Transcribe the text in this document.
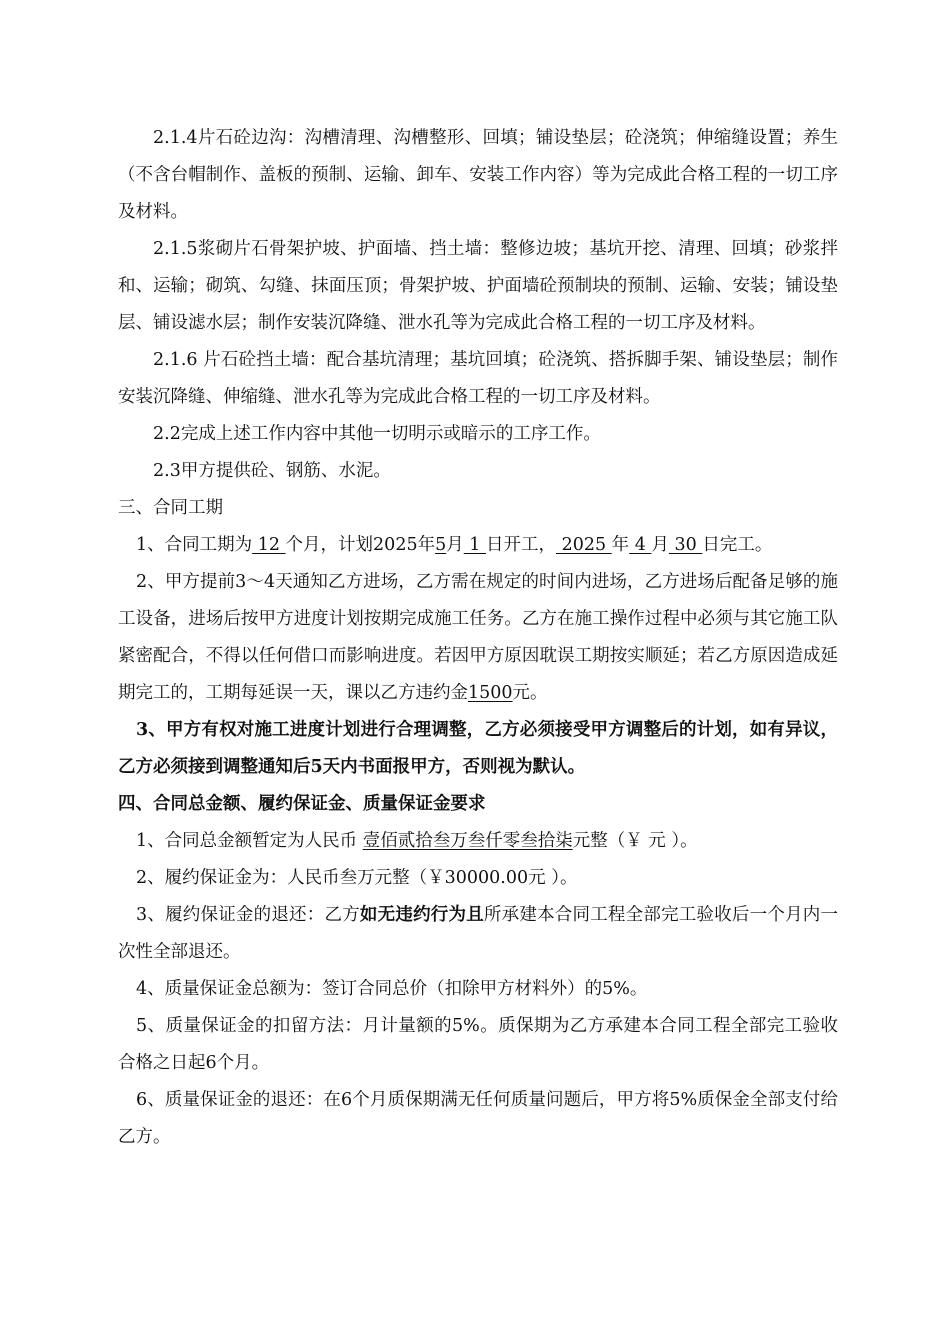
2.1.4片石砼边沟：沟槽清理、沟槽整形、回填；铺设垫层；砼浇筑；伸缩缝设置；养生（不含台帽制作、盖板的预制、运输、卸车、安装工作内容）等为完成此合格工程的一切工序及材料。

2.1.5浆砌片石骨架护坡、护面墙、挡土墙：整修边坡；基坑开挖、清理、回填；砂浆拌和、运输；砌筑、勾缝、抹面压顶；骨架护坡、护面墙砼预制块的预制、运输、安装；铺设垫层、铺设滤水层；制作安装沉降缝、泄水孔等为完成此合格工程的一切工序及材料。

2.1.6 片石砼挡土墙：配合基坑清理；基坑回填；砼浇筑、搭拆脚手架、铺设垫层；制作安装沉降缝、伸缩缝、泄水孔等为完成此合格工程的一切工序及材料。

2.2完成上述工作内容中其他一切明示或暗示的工序工作。

2.3甲方提供砼、钢筋、水泥。

三、合同工期

1、合同工期为 12 个月，计划2025年5月 1 日开工， 2025 年 4 月 30 日完工。

2、甲方提前3～4天通知乙方进场，乙方需在规定的时间内进场，乙方进场后配备足够的施工设备，进场后按甲方进度计划按期完成施工任务。乙方在施工操作过程中必须与其它施工队紧密配合，不得以任何借口而影响进度。若因甲方原因耽误工期按实顺延；若乙方原因造成延期完工的，工期每延误一天，课以乙方违约金1500元。

3、甲方有权对施工进度计划进行合理调整，乙方必须接受甲方调整后的计划，如有异议，乙方必须接到调整通知后5天内书面报甲方，否则视为默认。

四、合同总金额、履约保证金、质量保证金要求

1、合同总金额暂定为人民币 壹佰贰拾叁万叁仟零叁拾柒元整（￥ 元 ）。

2、履约保证金为：人民币叁万元整（￥30000.00元 ）。

3、履约保证金的退还：乙方如无违约行为且所承建本合同工程全部完工验收后一个月内一次性全部退还。

4、质量保证金总额为：签订合同总价（扣除甲方材料外）的5%。

5、质量保证金的扣留方法：月计量额的5%。质保期为乙方承建本合同工程全部完工验收合格之日起6个月。

6、质量保证金的退还：在6个月质保期满无任何质量问题后，甲方将5%质保金全部支付给乙方。
